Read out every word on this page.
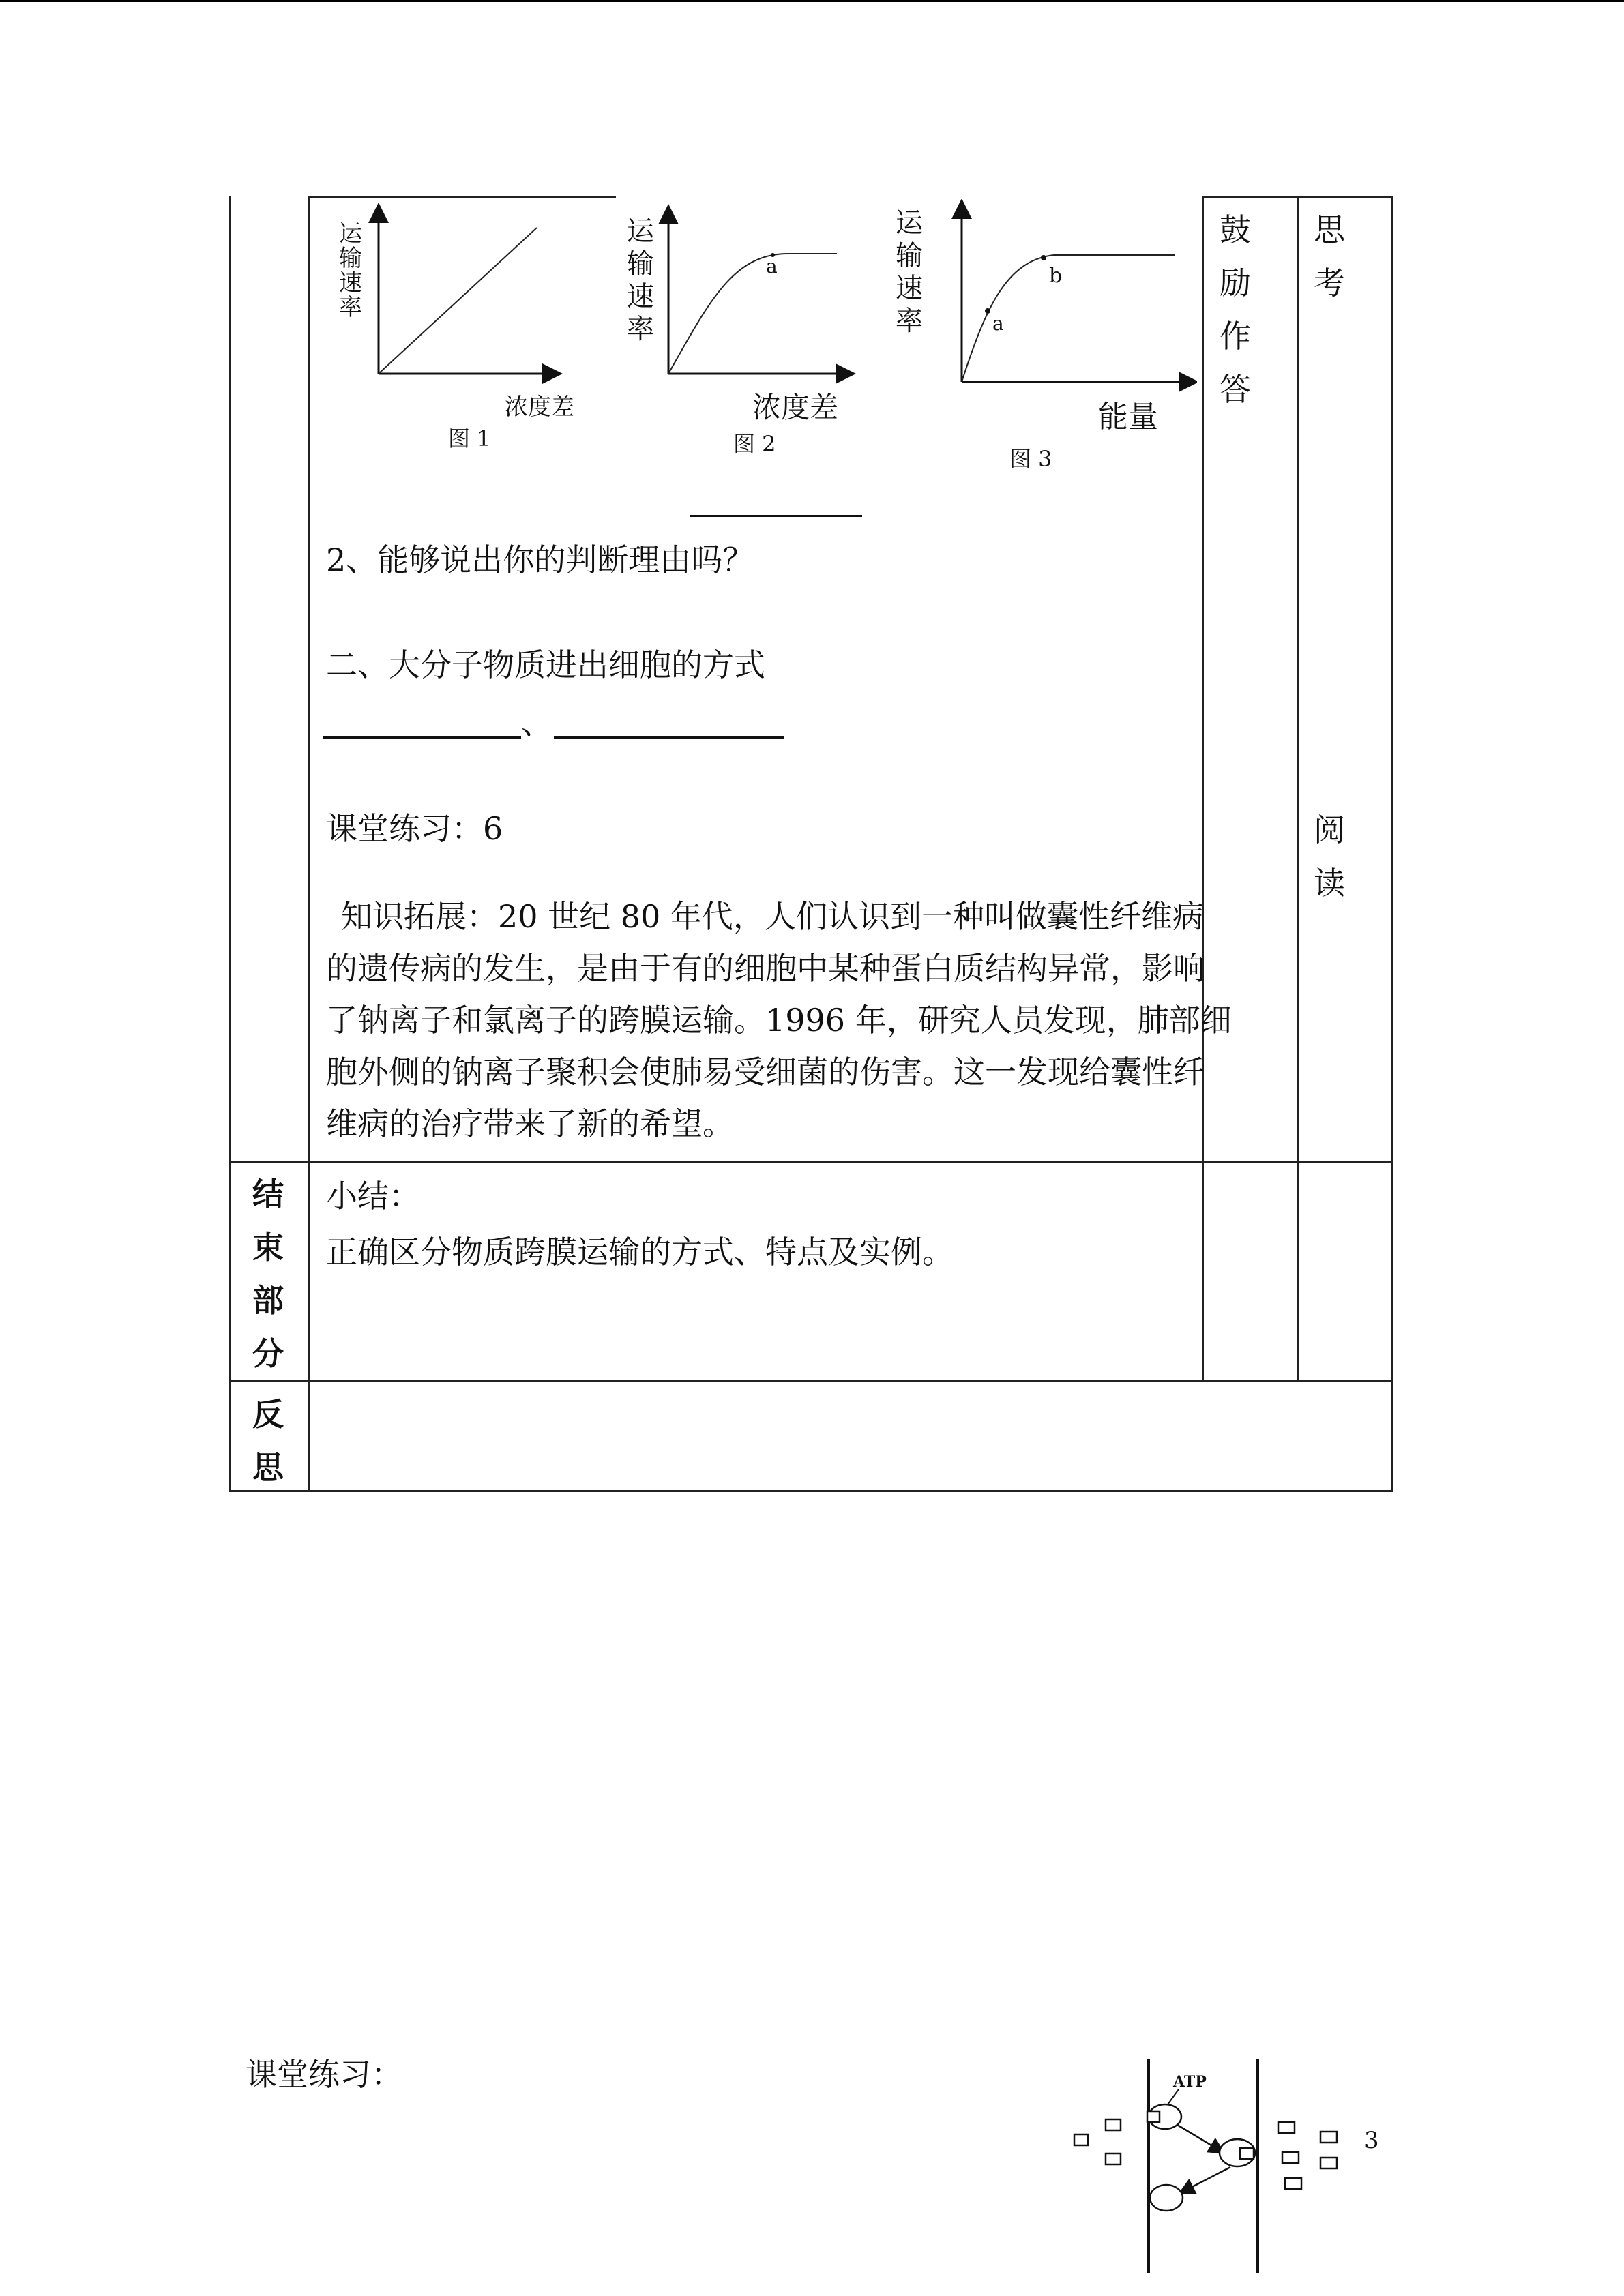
运 输 速 率
浓度差
图 1
运 输 速 率
a
浓度差
图 2
运 输 速 率	a
b
能量
图 3
2、能够说出你的判断理由吗？
二、大分子物质进出细胞的方式
、
课堂练习：6
知识拓展：20 世纪 80 年代，人们认识到一种叫做囊性纤维病的遗传病的发生，是由于有的细胞中某种蛋白质结构异常，影响了钠离子和氯离子的跨膜运输。1996 年，研究人员发现，肺部细胞外侧的钠离子聚积会使肺易受细菌的伤害。这一发现给囊性纤维病的治疗带来了新的希望。
小结：
正确区分物质跨膜运输的方式、特点及实例。
鼓励
作答
思考
阅读
结
束
部
分
反
思
课堂练习：	ATP
3
